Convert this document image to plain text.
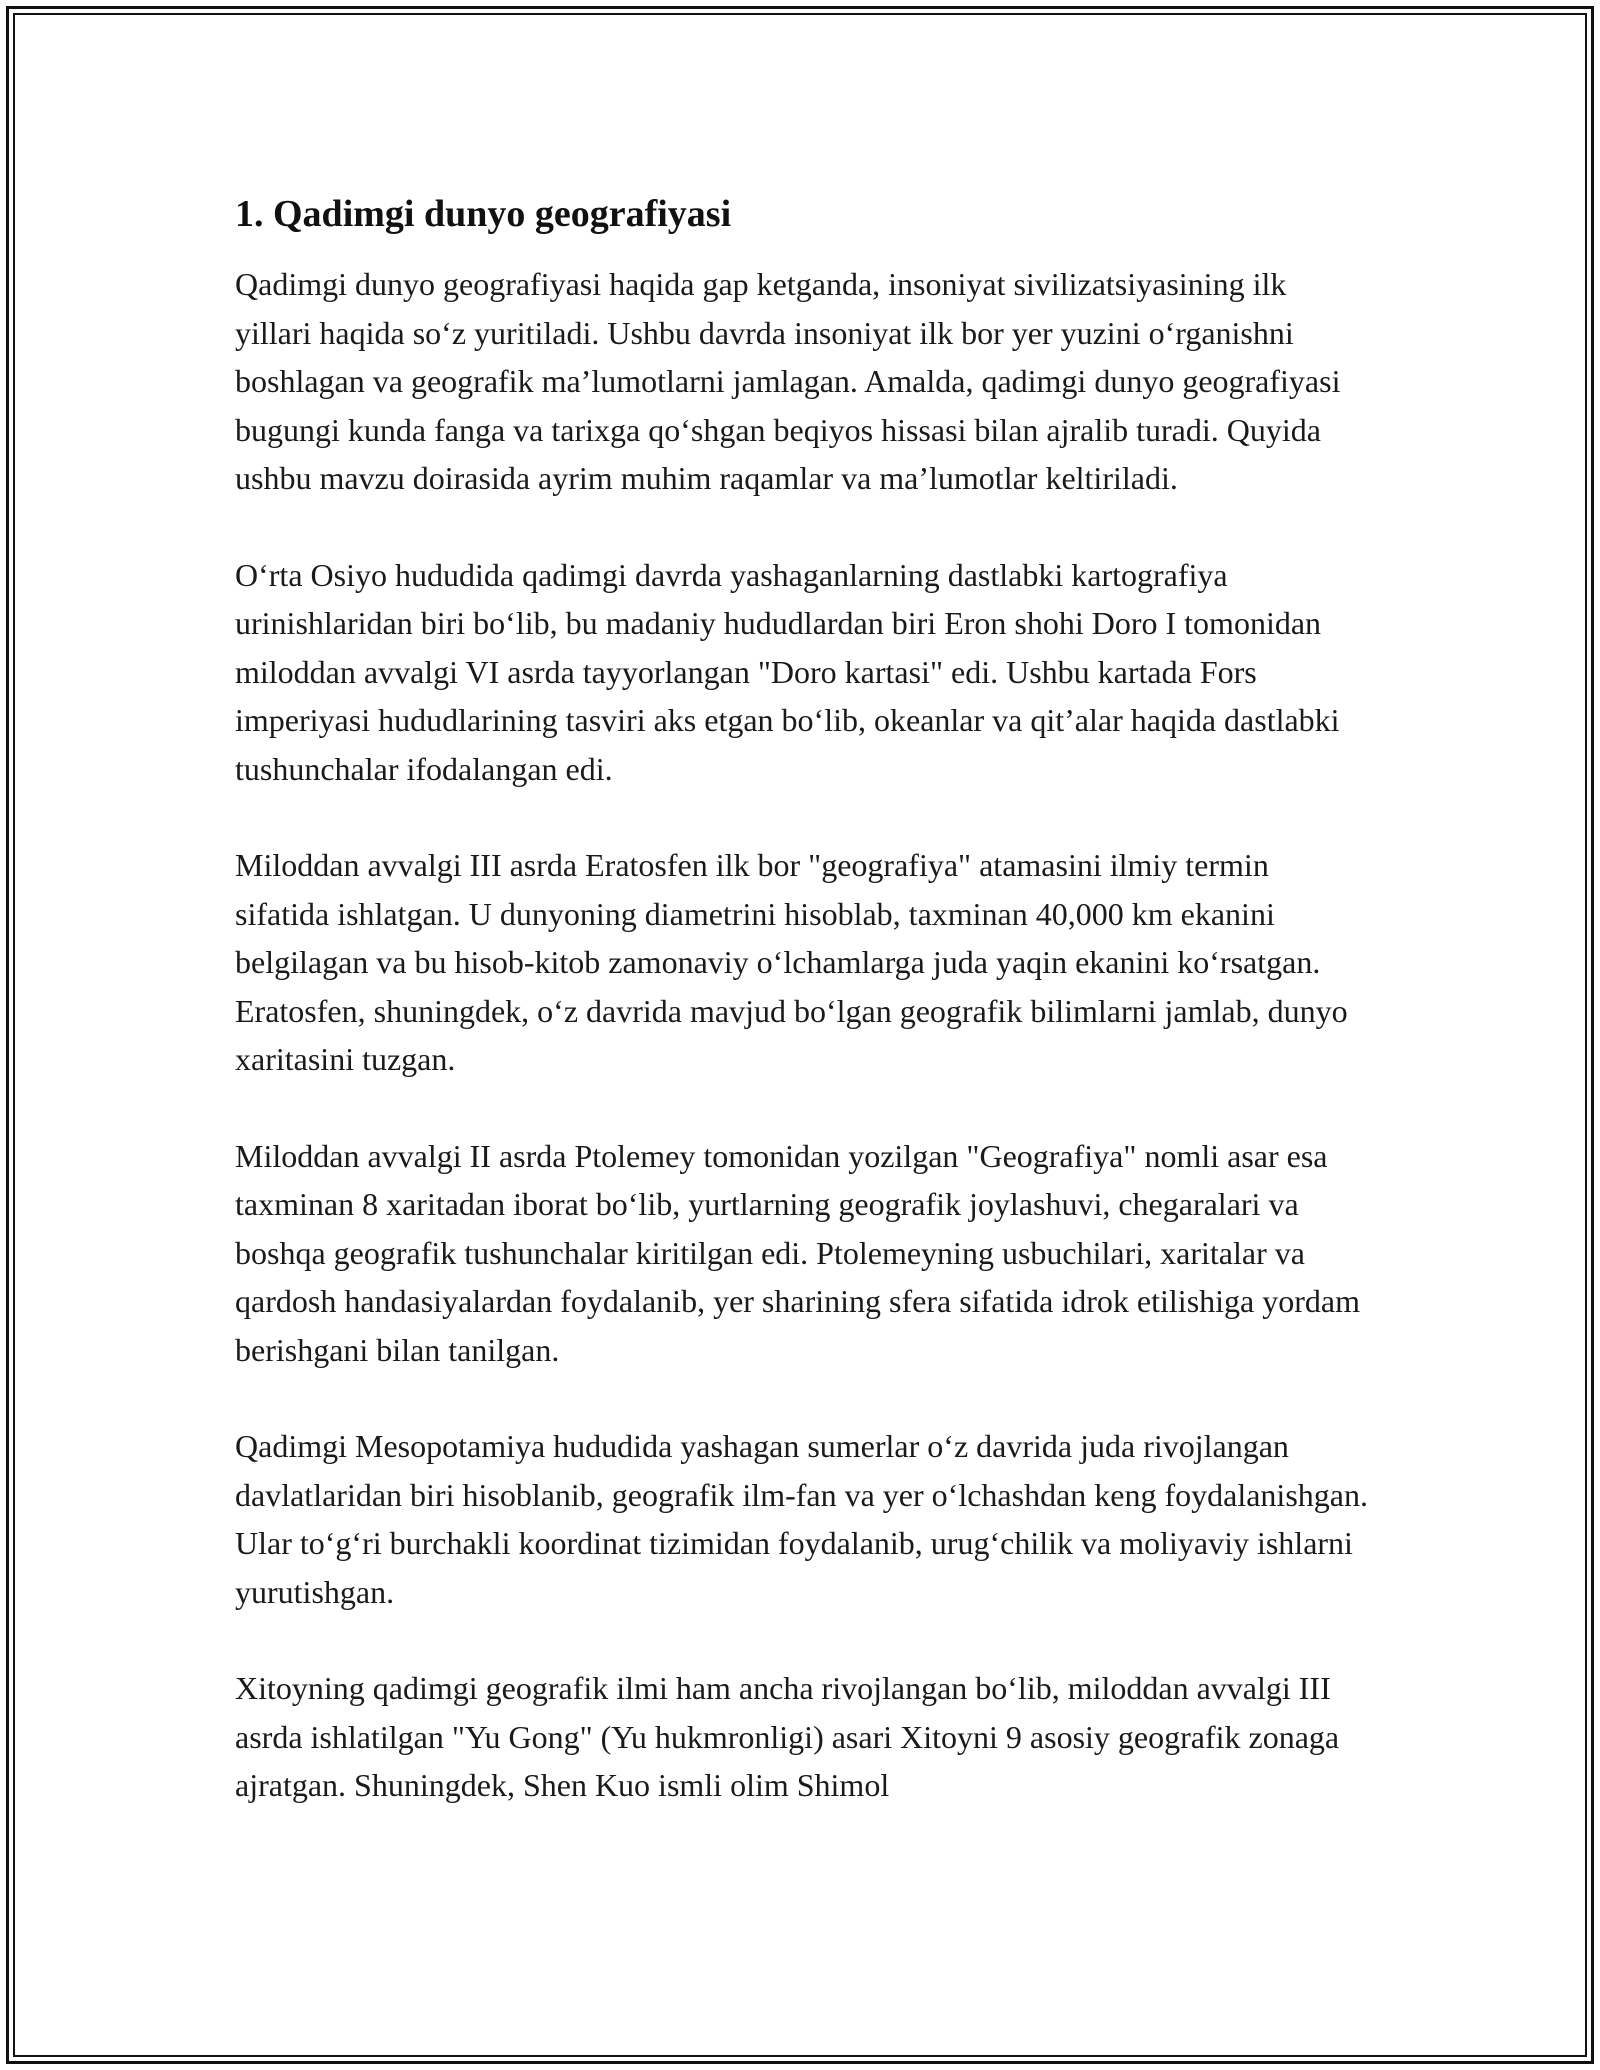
1. Qadimgi dunyo geografiyasi

Qadimgi dunyo geografiyasi haqida gap ketganda, insoniyat sivilizatsiyasining ilk yillari haqida so‘z yuritiladi. Ushbu davrda insoniyat ilk bor yer yuzini o‘rganishni boshlagan va geografik ma’lumotlarni jamlagan. Amalda, qadimgi dunyo geografiyasi bugungi kunda fanga va tarixga qo‘shgan beqiyos hissasi bilan ajralib turadi. Quyida ushbu mavzu doirasida ayrim muhim raqamlar va ma’lumotlar keltiriladi.

O‘rta Osiyo hududida qadimgi davrda yashaganlarning dastlabki kartografiya urinishlaridan biri bo‘lib, bu madaniy hududlardan biri Eron shohi Doro I tomonidan miloddan avvalgi VI asrda tayyorlangan "Doro kartasi" edi. Ushbu kartada Fors imperiyasi hududlarining tasviri aks etgan bo‘lib, okeanlar va qit’alar haqida dastlabki tushunchalar ifodalangan edi.

Miloddan avvalgi III asrda Eratosfen ilk bor "geografiya" atamasini ilmiy termin sifatida ishlatgan. U dunyoning diametrini hisoblab, taxminan 40,000 km ekanini belgilagan va bu hisob-kitob zamonaviy o‘lchamlarga juda yaqin ekanini ko‘rsatgan. Eratosfen, shuningdek, o‘z davrida mavjud bo‘lgan geografik bilimlarni jamlab, dunyo xaritasini tuzgan.

Miloddan avvalgi II asrda Ptolemey tomonidan yozilgan "Geografiya" nomli asar esa taxminan 8 xaritadan iborat bo‘lib, yurtlarning geografik joylashuvi, chegaralari va boshqa geografik tushunchalar kiritilgan edi. Ptolemeyning usbuchilari, xaritalar va qardosh handasiyalardan foydalanib, yer sharining sfera sifatida idrok etilishiga yordam berishgani bilan tanilgan.

Qadimgi Mesopotamiya hududida yashagan sumerlar o‘z davrida juda rivojlangan davlatlaridan biri hisoblanib, geografik ilm-fan va yer o‘lchashdan keng foydalanishgan. Ular to‘g‘ri burchakli koordinat tizimidan foydalanib, urug‘chilik va moliyaviy ishlarni yurutishgan.

Xitoyning qadimgi geografik ilmi ham ancha rivojlangan bo‘lib, miloddan avvalgi III asrda ishlatilgan "Yu Gong" (Yu hukmronligi) asari Xitoyni 9 asosiy geografik zonaga ajratgan. Shuningdek, Shen Kuo ismli olim Shimol
